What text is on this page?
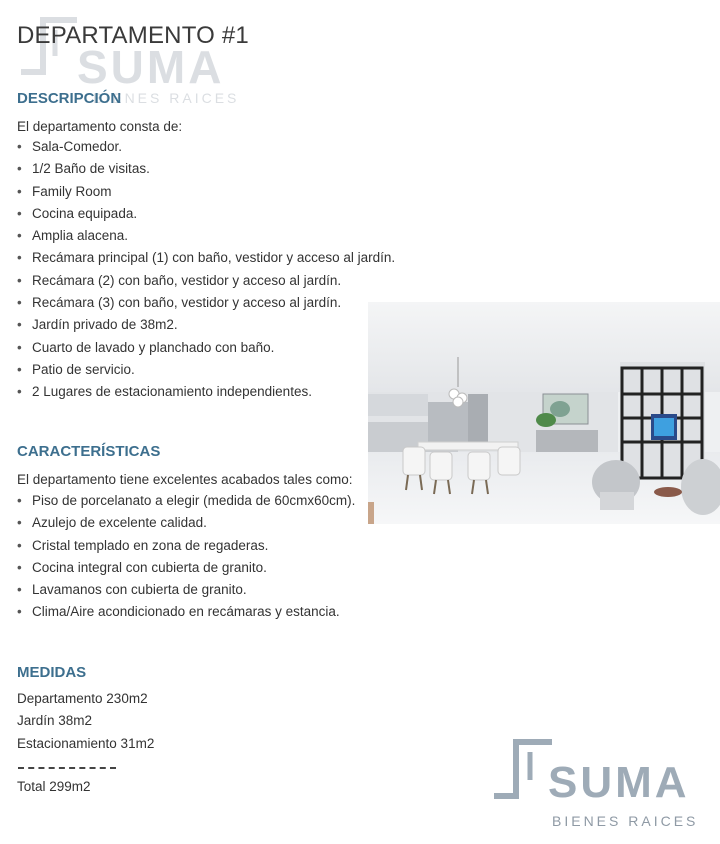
SUMA
BIENES RAICES
DEPARTAMENTO #1
DESCRIPCIÓN

El departamento consta de:

• Sala-Comedor.
• 1/2 Baño de visitas.
• Family Room
• Cocina equipada.
• Amplia alacena.
• Recámara principal (1) con baño, vestidor y acceso al jardín.
• Recámara (2) con baño, vestidor y acceso al jardín.
• Recámara (3) con baño, vestidor y acceso al jardín.
• Jardín privado de 38m2.
• Cuarto de lavado y planchado con baño.
• Patio de servicio.
• 2 Lugares de estacionamiento independientes.
CARACTERÍSTICAS

El departamento tiene excelentes acabados tales como:

• Piso de porcelanato a elegir (medida de 60cmx60cm).
• Azulejo de excelente calidad.
• Cristal templado en zona de regaderas.
• Cocina integral con cubierta de granito.
• Lavamanos con cubierta de granito.
• Clima/Aire acondicionado en recámaras y estancia.
MEDIDAS
Departamento 230m2
Jardín 38m2
Estacionamiento 31m2
Total 299m2	SUMA
BIENES RAICES
